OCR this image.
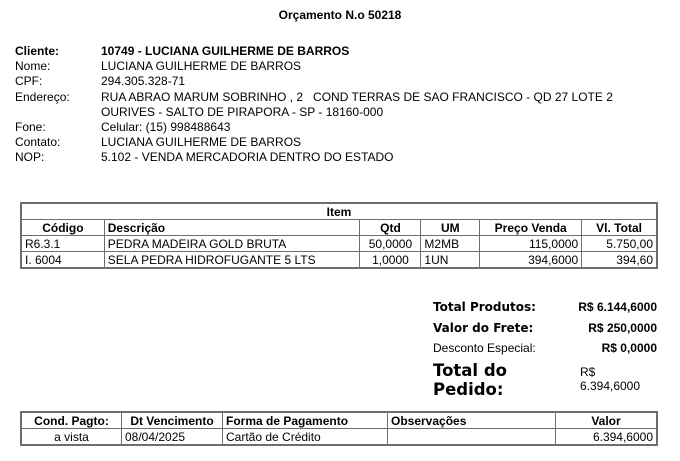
Orçamento N.o 50218
Cliente:	10749 - LUCIANA GUILHERME DE BARROS
Nome:	LUCIANA GUILHERME DE BARROS
CPF:	294.305.328-71
Endereço:	RUA ABRAO MARUM SOBRINHO , 2   COND TERRAS DE SAO FRANCISCO - QD 27 LOTE 2
OURIVES - SALTO DE PIRAPORA - SP - 18160-000
Fone:	Celular: (15) 998488643
Contato:	LUCIANA GUILHERME DE BARROS
NOP:	5.102 - VENDA MERCADORIA DENTRO DO ESTADO
Item					
Código	Descrição	Qtd	UM	Preço Venda	Vl. Total
R6.3.1	PEDRA MADEIRA GOLD BRUTA	50,0000	M2MB	115,0000	5.750,00
I. 6004	SELA PEDRA HIDROFUGANTE 5 LTS	1,0000	1UN	394,6000	394,60
Total Produtos:	R$ 6.144,6000
Valor do Frete:	R$ 250,0000
Desconto Especial:	R$ 0,0000
Total do Pedido:
R$ 6.394,6000
Cond. Pagto:	Dt Vencimento	Forma de Pagamento	Observações	Valor
a vista	08/04/2025	Cartão de Crédito		6.394,6000
